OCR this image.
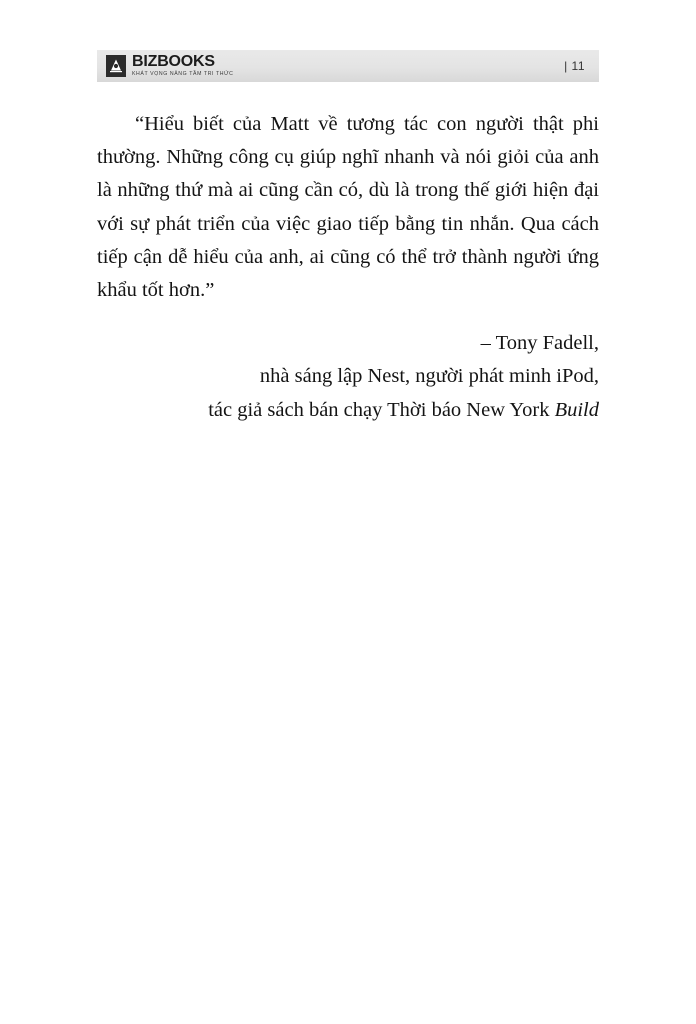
BIZBOOKS
KHÁT VỌNG NÂNG TẦM TRI THỨC
| 11

“Hiểu biết của Matt về tương tác con người thật phi thường. Những công cụ giúp nghĩ nhanh và nói giỏi của anh là những thứ mà ai cũng cần có, dù là trong thế giới hiện đại với sự phát triển của việc giao tiếp bằng tin nhắn. Qua cách tiếp cận dễ hiểu của anh, ai cũng có thể trở thành người ứng khẩu tốt hơn.”

– Tony Fadell,
nhà sáng lập Nest, người phát minh iPod,
tác giả sách bán chạy Thời báo New York Build
